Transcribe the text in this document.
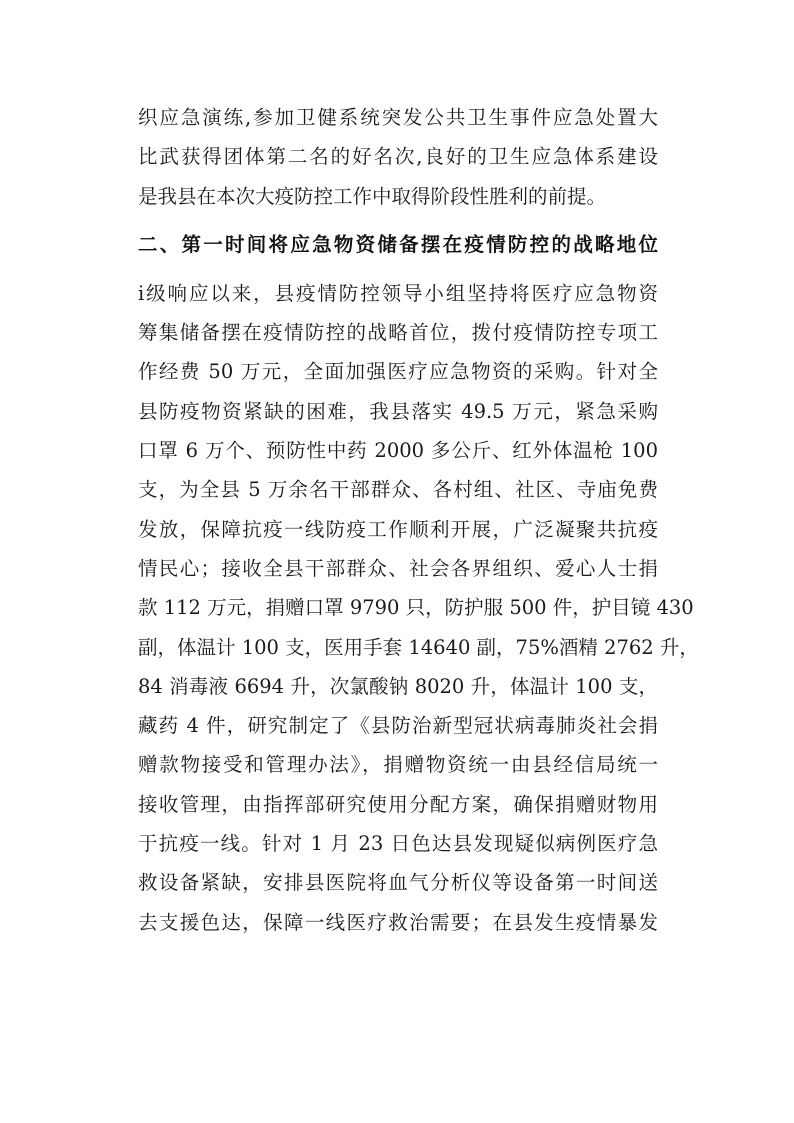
织应急演练,参加卫健系统突发公共卫生事件应急处置大
比武获得团体第二名的好名次,良好的卫生应急体系建设
是我县在本次大疫防控工作中取得阶段性胜利的前提。
二、第一时间将应急物资储备摆在疫情防控的战略地位
ⅰ级响应以来，县疫情防控领导小组坚持将医疗应急物资
筹集储备摆在疫情防控的战略首位，拨付疫情防控专项工
作经费 50 万元，全面加强医疗应急物资的采购。针对全
县防疫物资紧缺的困难，我县落实 49.5 万元，紧急采购
口罩 6 万个、预防性中药 2000 多公斤、红外体温枪 100
支，为全县 5 万余名干部群众、各村组、社区、寺庙免费
发放，保障抗疫一线防疫工作顺利开展，广泛凝聚共抗疫
情民心；接收全县干部群众、社会各界组织、爱心人士捐
款 112 万元，捐赠口罩 9790 只，防护服 500 件，护目镜 430
副，体温计 100 支，医用手套 14640 副，75%酒精 2762 升，
84 消毒液 6694 升，次氯酸钠 8020 升，体温计 100 支，
藏药 4 件，研究制定了《县防治新型冠状病毒肺炎社会捐
赠款物接受和管理办法》，捐赠物资统一由县经信局统一
接收管理，由指挥部研究使用分配方案，确保捐赠财物用
于抗疫一线。针对 1 月 23 日色达县发现疑似病例医疗急
救设备紧缺，安排县医院将血气分析仪等设备第一时间送
去支援色达，保障一线医疗救治需要；在县发生疫情暴发
